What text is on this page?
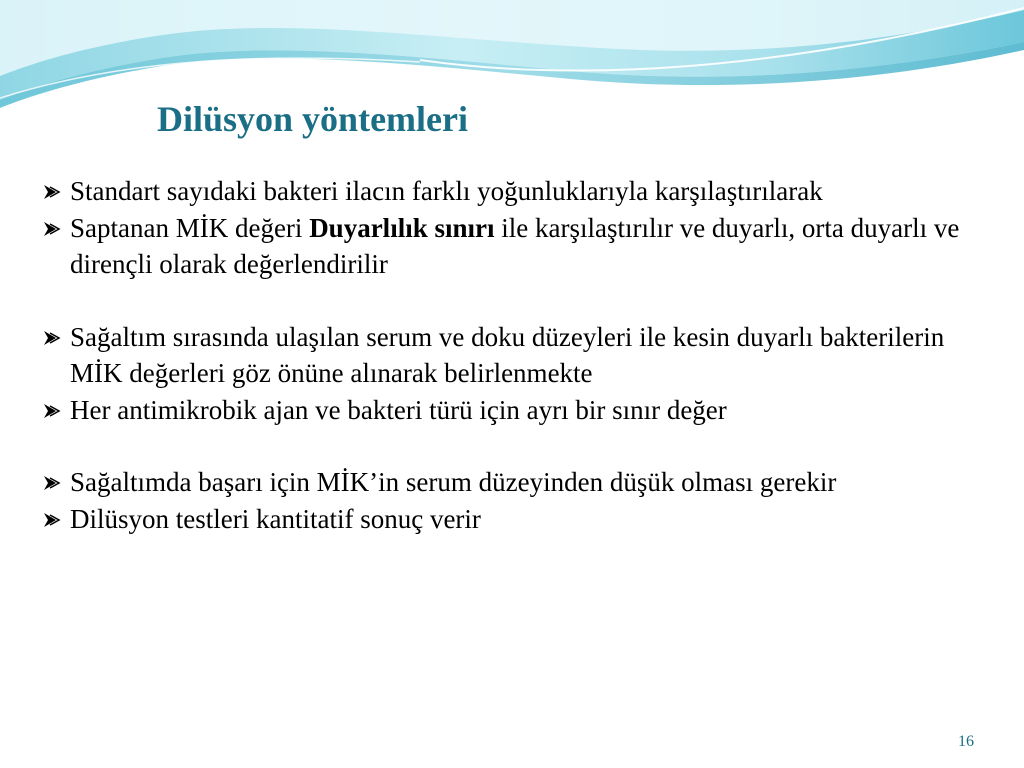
Dilüsyon yöntemleri
Standart sayıdaki bakteri ilacın farklı yoğunluklarıyla karşılaştırılarak
Saptanan MİK değeri Duyarlılık sınırı ile karşılaştırılır ve duyarlı, orta duyarlı ve dirençli olarak değerlendirilir
Sağaltım sırasında ulaşılan serum ve doku düzeyleri ile kesin duyarlı bakterilerin MİK değerleri göz önüne alınarak belirlenmekte
Her antimikrobik ajan ve bakteri türü için ayrı bir sınır değer
Sağaltımda başarı için MİK’in serum düzeyinden düşük olması gerekir
Dilüsyon testleri kantitatif sonuç verir
16
